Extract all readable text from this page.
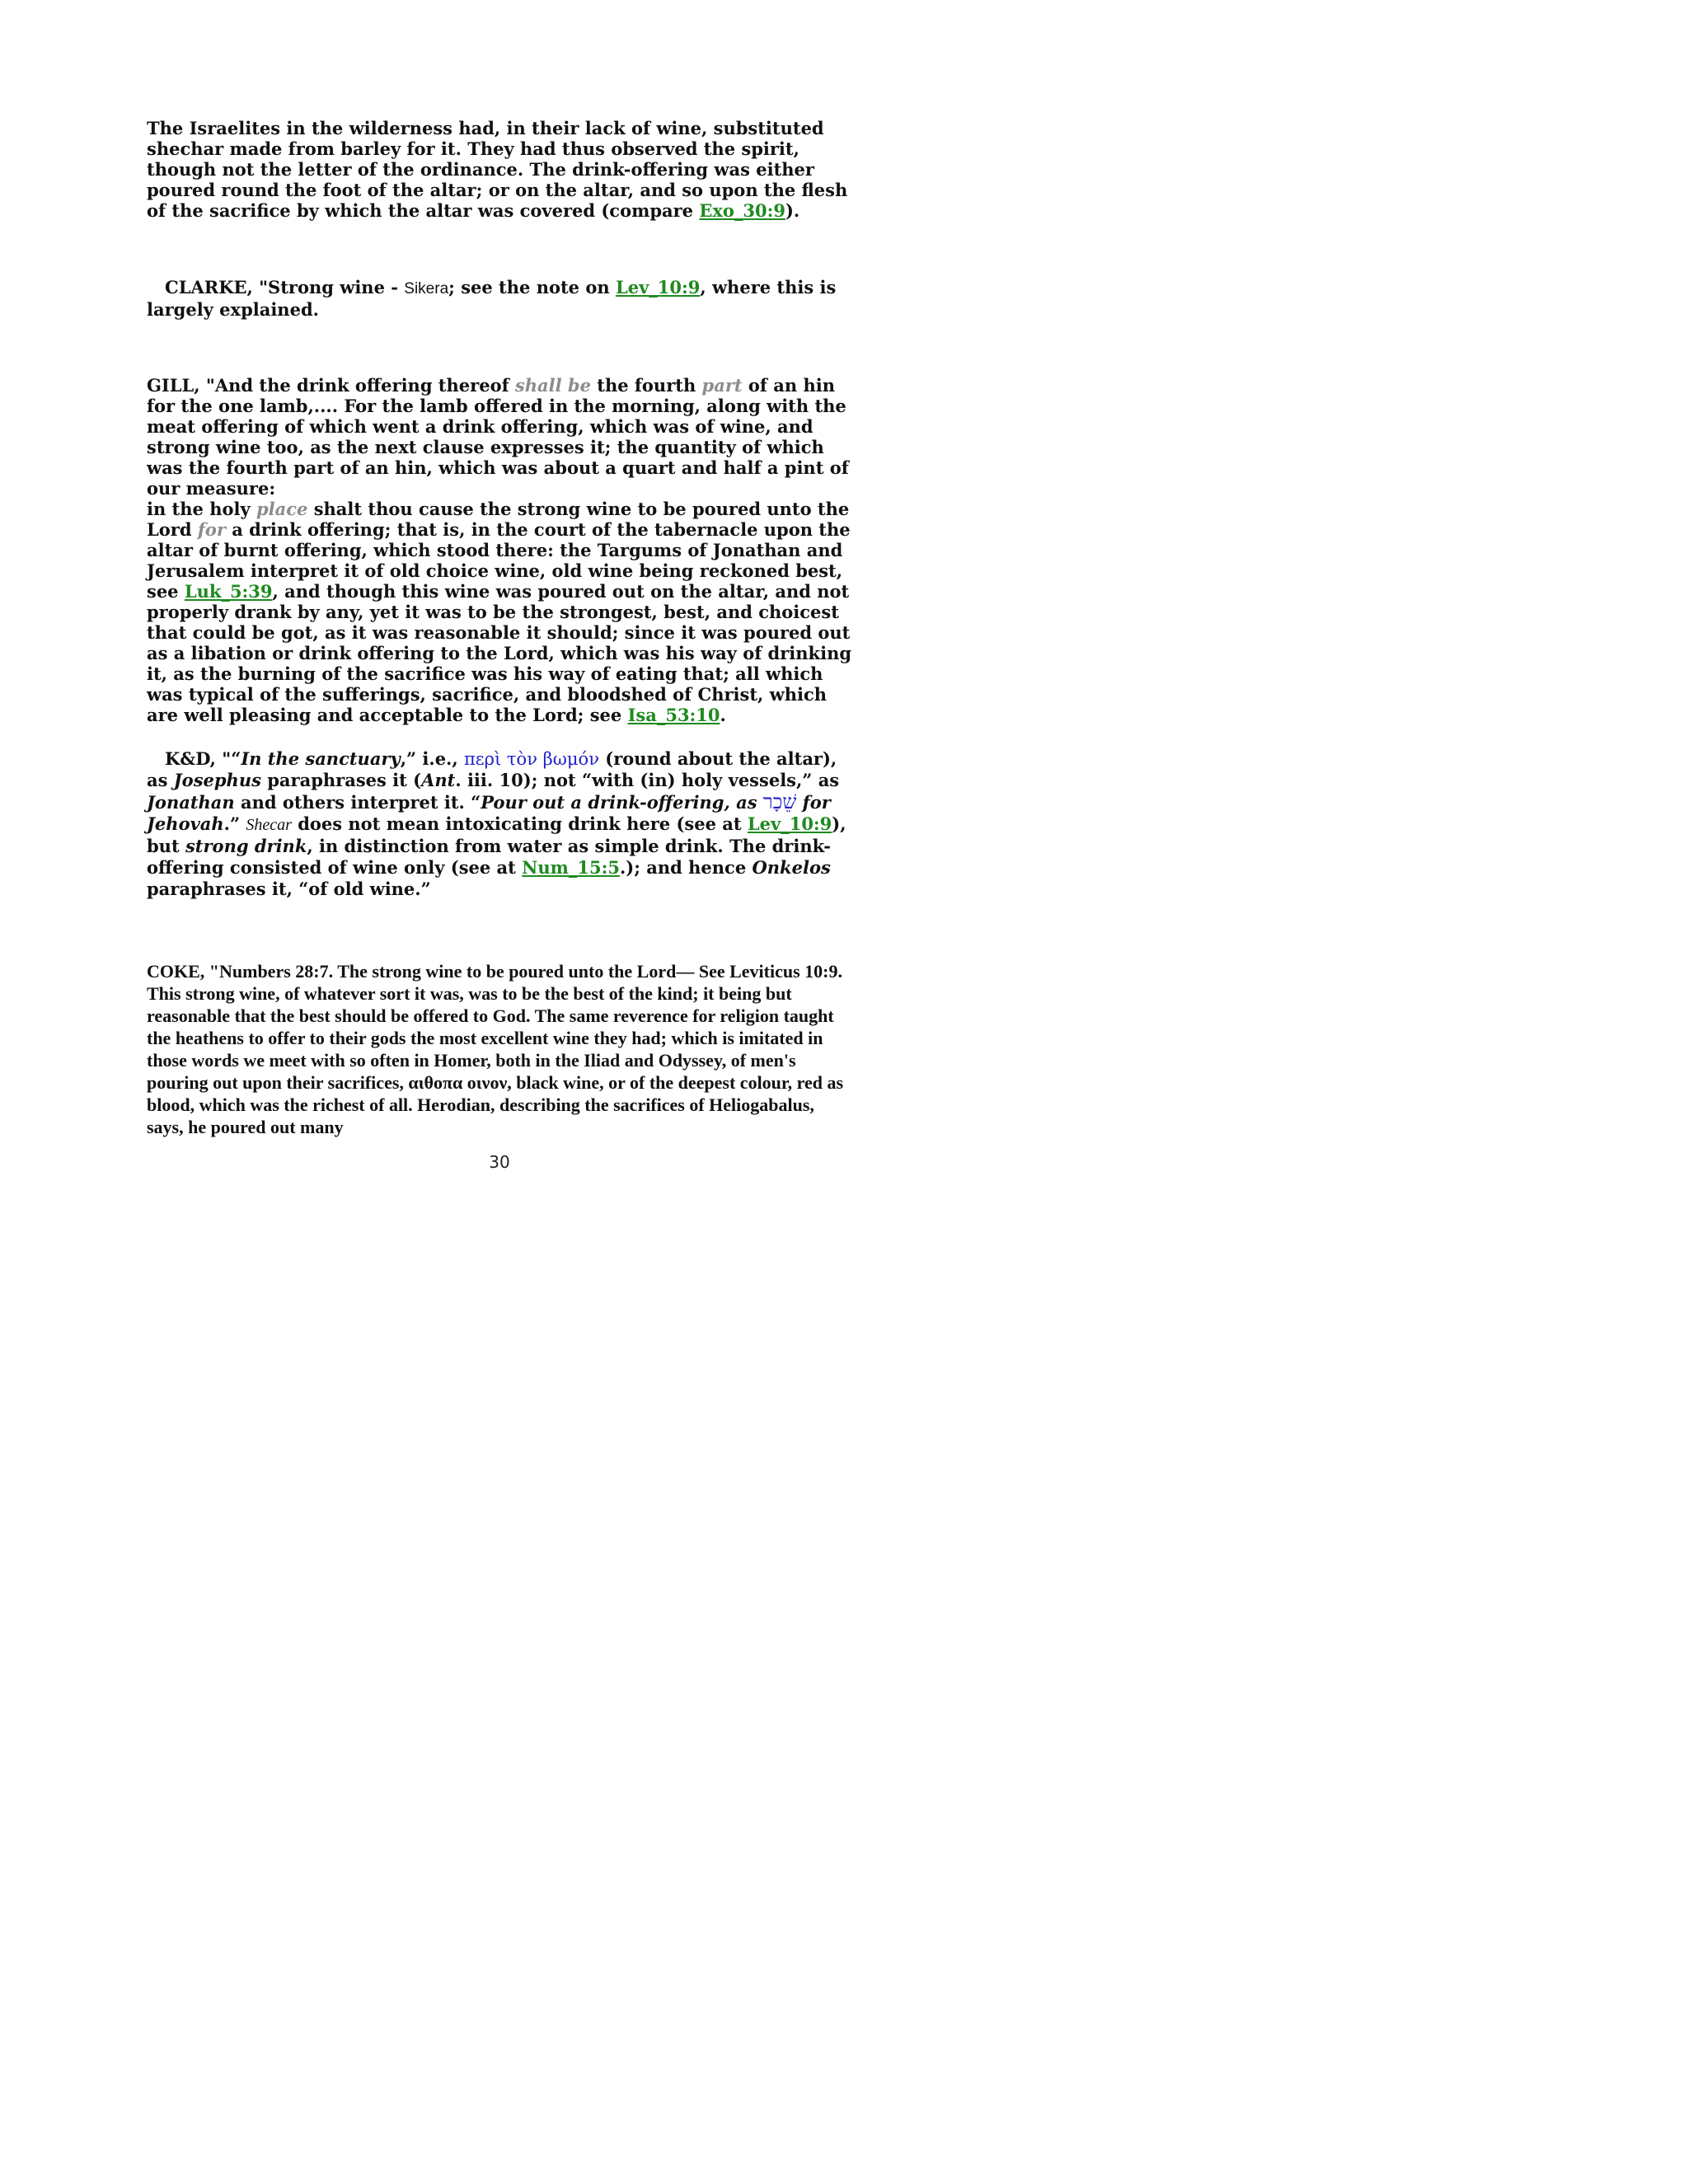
The Israelites in the wilderness had, in their lack of wine, substituted shechar made from barley for it. They had thus observed the spirit, though not the letter of the ordinance. The drink-offering was either poured round the foot of the altar; or on the altar, and so upon the flesh of the sacrifice by which the altar was covered (compare Exo_30:9).

CLARKE, "Strong wine - Sikera; see the note on Lev_10:9, where this is largely explained.

GILL, "And the drink offering thereof shall be the fourth part of an hin for the one lamb,.... For the lamb offered in the morning, along with the meat offering of which went a drink offering, which was of wine, and strong wine too, as the next clause expresses it; the quantity of which was the fourth part of an hin, which was about a quart and half a pint of our measure:

in the holy place shalt thou cause the strong wine to be poured unto the Lord for a drink offering; that is, in the court of the tabernacle upon the altar of burnt offering, which stood there: the Targums of Jonathan and Jerusalem interpret it of old choice wine, old wine being reckoned best, see Luk_5:39, and though this wine was poured out on the altar, and not properly drank by any, yet it was to be the strongest, best, and choicest that could be got, as it was reasonable it should; since it was poured out as a libation or drink offering to the Lord, which was his way of drinking it, as the burning of the sacrifice was his way of eating that; all which was typical of the sufferings, sacrifice, and bloodshed of Christ, which are well pleasing and acceptable to the Lord; see Isa_53:10.

K&D, "“In the sanctuary,” i.e., περὶ τὸν βωμόν (round about the altar), as Josephus paraphrases it (Ant. iii. 10); not “with (in) holy vessels,” as Jonathan and others interpret it. “Pour out a drink-offering, as שֵׁכָר for Jehovah.” Shecar does not mean intoxicating drink here (see at Lev_10:9), but strong drink, in distinction from water as simple drink. The drink-offering consisted of wine only (see at Num_15:5.); and hence Onkelos paraphrases it, “of old wine.”

COKE, "Numbers 28:7. The strong wine to be poured unto the Lord— See Leviticus 10:9. This strong wine, of whatever sort it was, was to be the best of the kind; it being but reasonable that the best should be offered to God. The same reverence for religion taught the heathens to offer to their gods the most excellent wine they had; which is imitated in those words we meet with so often in Homer, both in the Iliad and Odyssey, of men's pouring out upon their sacrifices, αιθοπα οινον, black wine, or of the deepest colour, red as blood, which was the richest of all. Herodian, describing the sacrifices of Heliogabalus, says, he poured out many

30
